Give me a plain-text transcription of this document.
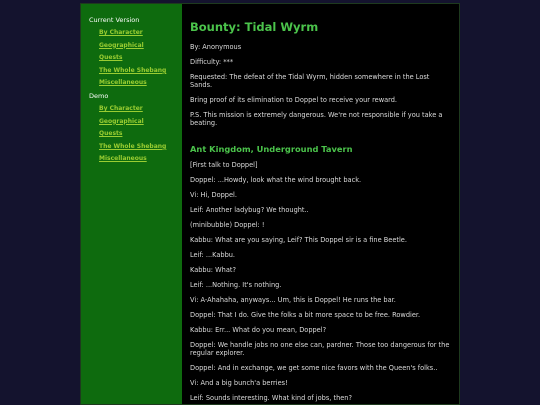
Current Version
By Character
Geographical
Quests
The Whole Shebang
Miscellaneous
Demo
By Character
Geographical
Quests
The Whole Shebang
Miscellaneous
Bounty: Tidal Wyrm
By: Anonymous
Difficulty: ***
Requested: The defeat of the Tidal Wyrm, hidden somewhere in the Lost Sands.
Bring proof of its elimination to Doppel to receive your reward.
P.S. This mission is extremely dangerous. We're not responsible if you take a beating.
Ant Kingdom, Underground Tavern
[First talk to Doppel]
Doppel: ...Howdy, look what the wind brought back.
Vi: Hi, Doppel.
Leif: Another ladybug? We thought..
(minibubble) Doppel: !
Kabbu: What are you saying, Leif? This Doppel sir is a fine Beetle.
Leif: ...Kabbu.
Kabbu: What?
Leif: ...Nothing. It's nothing.
Vi: A-Ahahaha, anyways... Um, this is Doppel! He runs the bar.
Doppel: That I do. Give the folks a bit more space to be free. Rowdier.
Kabbu: Err... What do you mean, Doppel?
Doppel: We handle jobs no one else can, pardner. Those too dangerous for the regular explorer.
Doppel: And in exchange, we get some nice favors with the Queen's folks..
Vi: And a big bunch'a berries!
Leif: Sounds interesting. What kind of jobs, then?
